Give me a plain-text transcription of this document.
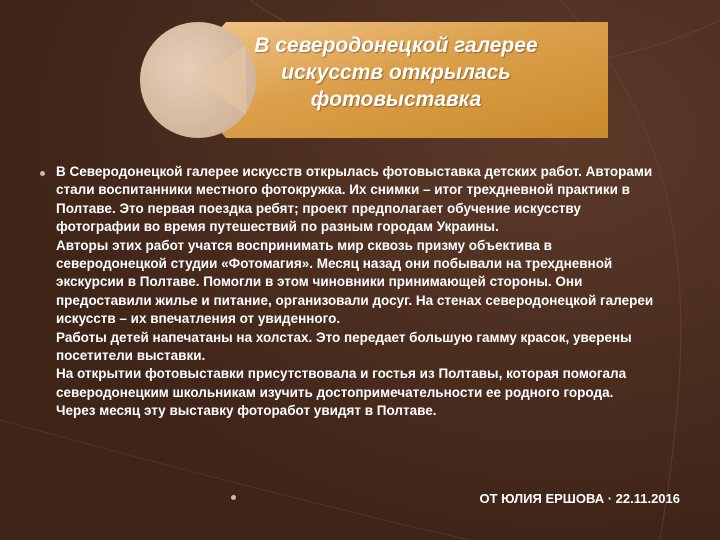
В северодонецкой галерее искусств открылась фотовыставка

В Северодонецкой галерее искусств открылась фотовыставка детских работ. Авторами стали воспитанники местного фотокружка. Их снимки – итог трехдневной практики в Полтаве. Это первая поездка ребят; проект предполагает обучение искусству фотографии во время путешествий по разным городам Украины.

Авторы этих работ учатся воспринимать мир сквозь призму объектива в северодонецкой студии «Фотомагия». Месяц назад они побывали на трехдневной экскурсии в Полтаве. Помогли в этом чиновники принимающей стороны. Они предоставили жилье и питание, организовали досуг. На стенах северодонецкой галереи искусств – их впечатления от увиденного.

Работы детей напечатаны на холстах. Это передает большую гамму красок, уверены посетители выставки.

На открытии фотовыставки присутствовала и гостья из Полтавы, которая помогала северодонецким школьникам изучить достопримечательности ее родного города.

Через месяц эту выставку фоторабот увидят в Полтаве.

ОТ ЮЛИЯ ЕРШОВА · 22.11.2016
